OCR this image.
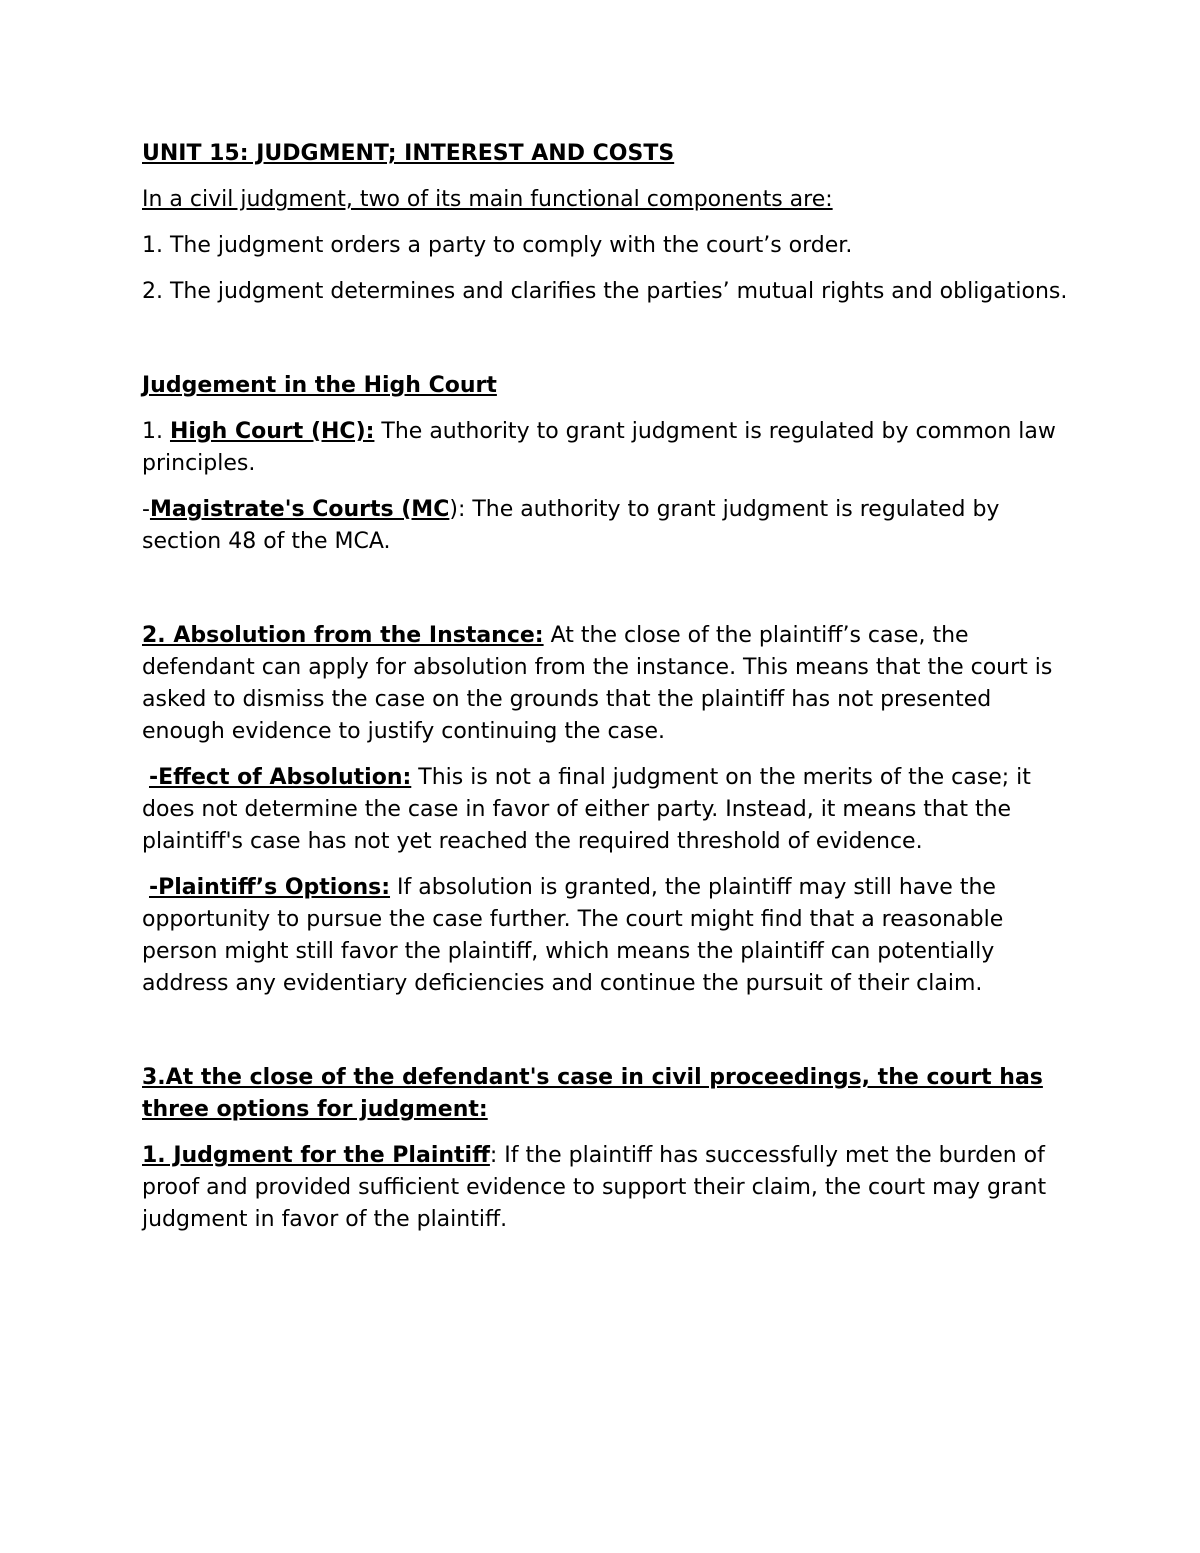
UNIT 15: JUDGMENT; INTEREST AND COSTS

In a civil judgment, two of its main functional components are:

1. The judgment orders a party to comply with the court’s order.

2. The judgment determines and clarifies the parties’ mutual rights and obligations.

Judgement in the High Court

1. High Court (HC): The authority to grant judgment is regulated by common law principles.

-Magistrate's Courts (MC): The authority to grant judgment is regulated by section 48 of the MCA.

2. Absolution from the Instance: At the close of the plaintiff’s case, the defendant can apply for absolution from the instance. This means that the court is asked to dismiss the case on the grounds that the plaintiff has not presented enough evidence to justify continuing the case.

-Effect of Absolution: This is not a final judgment on the merits of the case; it does not determine the case in favor of either party. Instead, it means that the plaintiff's case has not yet reached the required threshold of evidence.

-Plaintiff’s Options: If absolution is granted, the plaintiff may still have the opportunity to pursue the case further. The court might find that a reasonable person might still favor the plaintiff, which means the plaintiff can potentially address any evidentiary deficiencies and continue the pursuit of their claim.

3.At the close of the defendant's case in civil proceedings, the court has three options for judgment:

1. Judgment for the Plaintiff: If the plaintiff has successfully met the burden of proof and provided sufficient evidence to support their claim, the court may grant judgment in favor of the plaintiff.
